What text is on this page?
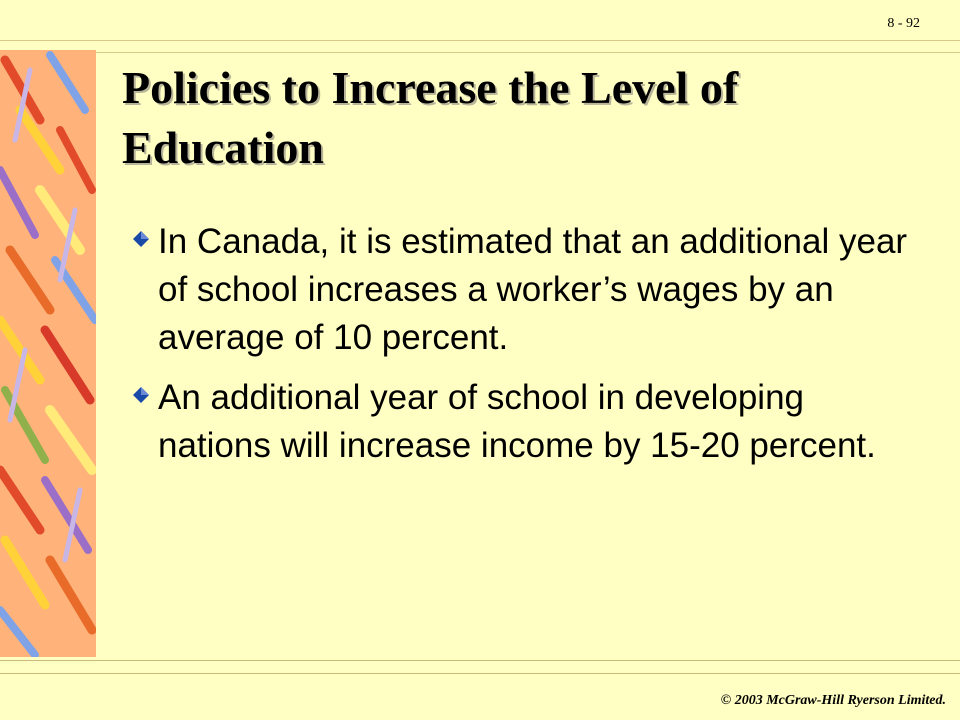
8 - 92
Policies to Increase the Level of Education
In Canada, it is estimated that an additional year of school increases a worker’s wages by an average of 10 percent.
An additional year of school in developing nations will increase income by 15-20 percent.
© 2003 McGraw-Hill Ryerson Limited.
